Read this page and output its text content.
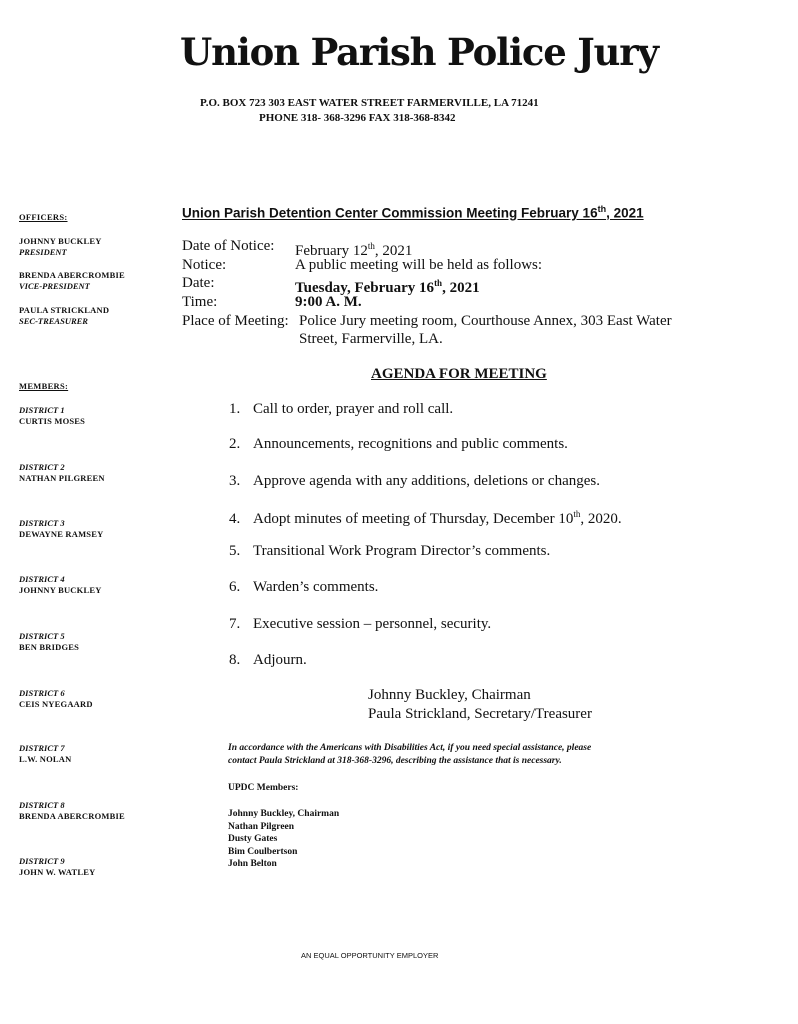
Union Parish Police Jury
P.O. BOX 723 303 EAST WATER STREET FARMERVILLE, LA 71241
PHONE 318- 368-3296 FAX 318-368-8342
OFFICERS:
JOHNNY BUCKLEY
PRESIDENT
BRENDA ABERCROMBIE
VICE-PRESIDENT
PAULA STRICKLAND
SEC-TREASURER
MEMBERS:
DISTRICT 1
CURTIS MOSES
DISTRICT 2
NATHAN PILGREEN
DISTRICT 3
DEWAYNE RAMSEY
DISTRICT 4
JOHNNY BUCKLEY
DISTRICT 5
BEN BRIDGES
DISTRICT 6
CEIS NYEGAARD
DISTRICT 7
L.W. NOLAN
DISTRICT 8
BRENDA ABERCROMBIE
DISTRICT 9
JOHN W. WATLEY
Union Parish Detention Center Commission Meeting February 16th, 2021
Date of Notice: February 12th, 2021
Notice:	A public meeting will be held as follows:
Date:	Tuesday, February 16th, 2021
Time:	9:00 A. M.
Place of Meeting: Police Jury meeting room, Courthouse Annex, 303 East Water
Street, Farmerville, LA.
AGENDA FOR MEETING
1. Call to order, prayer and roll call.
2. Announcements, recognitions and public comments.
3. Approve agenda with any additions, deletions or changes.
4. Adopt minutes of meeting of Thursday, December 10th, 2020.
5. Transitional Work Program Director’s comments.
6. Warden’s comments.
7. Executive session – personnel, security.
8. Adjourn.
Johnny Buckley, Chairman
Paula Strickland, Secretary/Treasurer
In accordance with the Americans with Disabilities Act, if you need special assistance, please
contact Paula Strickland at 318-368-3296, describing the assistance that is necessary.
UPDC Members:
Johnny Buckley, Chairman
Nathan Pilgreen
Dusty Gates
Bim Coulbertson
John Belton
AN EQUAL OPPORTUNITY EMPLOYER
